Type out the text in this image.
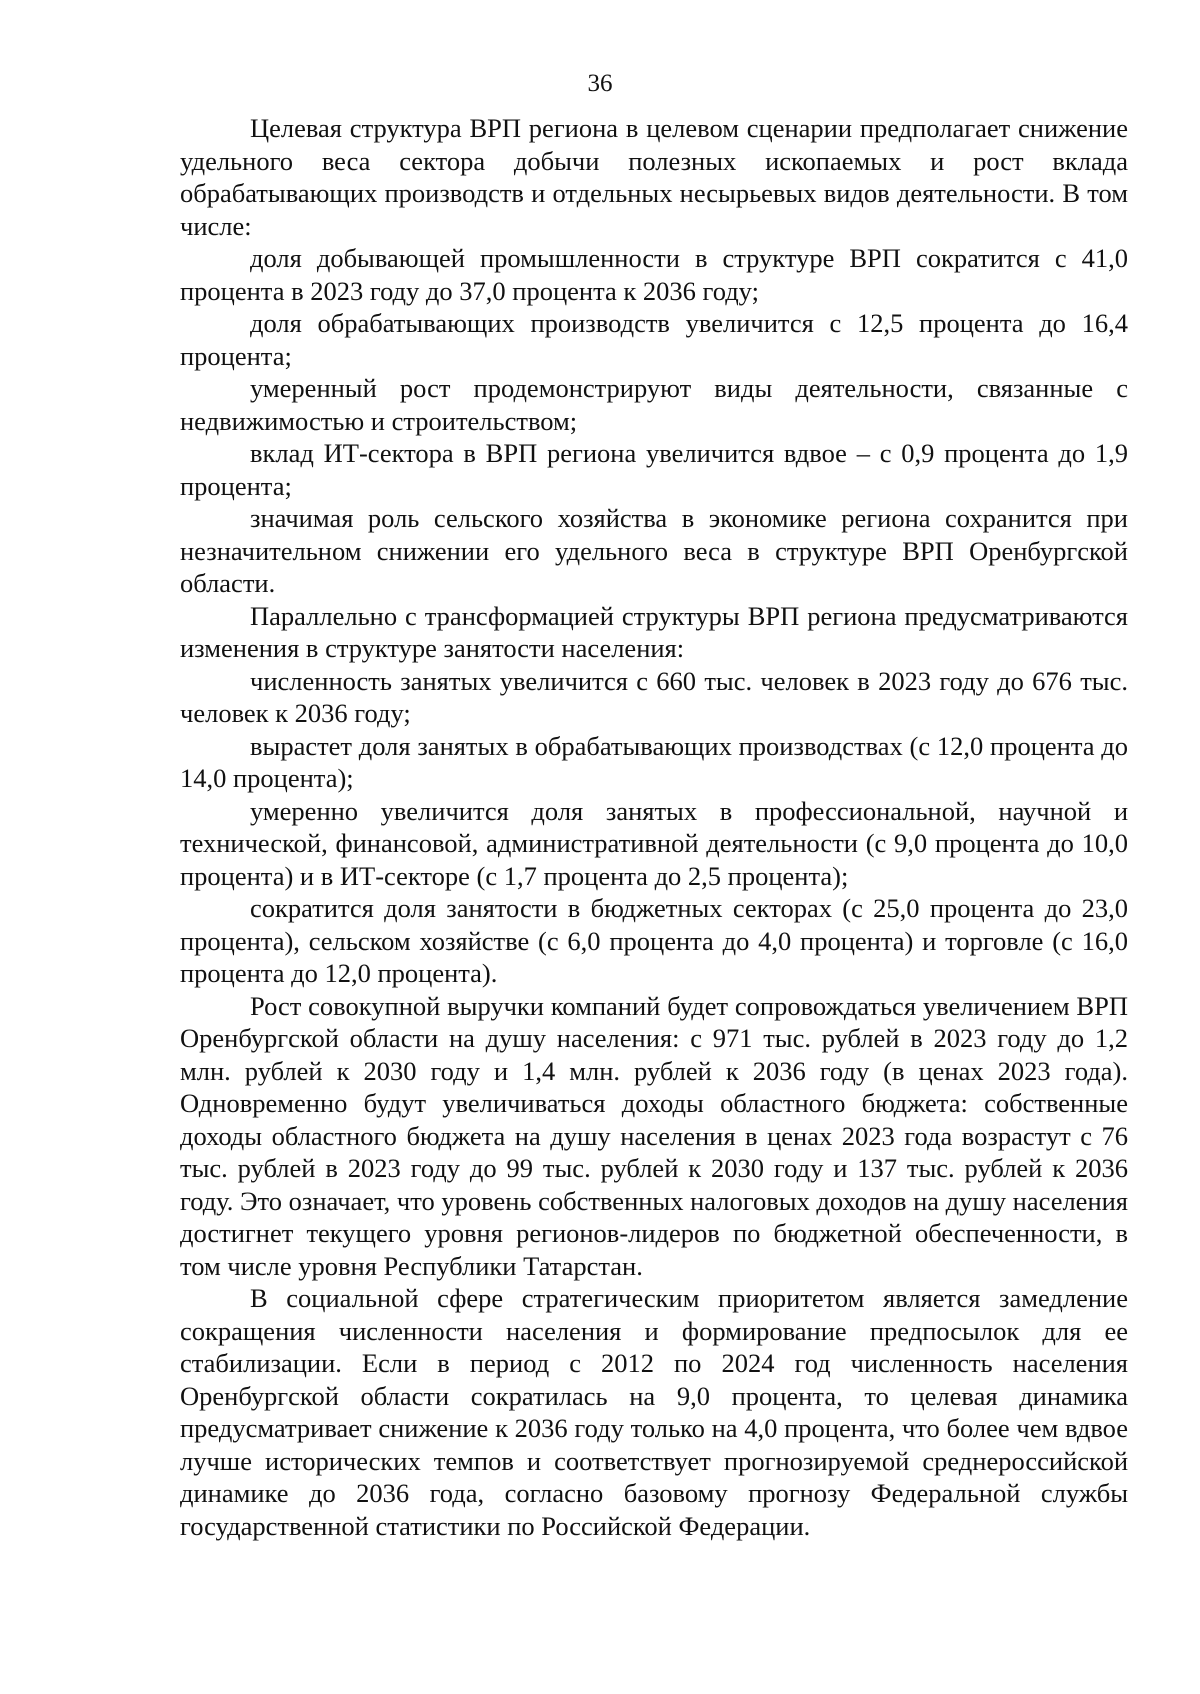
36

Целевая структура ВРП региона в целевом сценарии предполагает снижение удельного веса сектора добычи полезных ископаемых и рост вклада обрабатывающих производств и отдельных несырьевых видов деятельности. В том числе:

доля добывающей промышленности в структуре ВРП сократится с 41,0 процента в 2023 году до 37,0 процента к 2036 году;

доля обрабатывающих производств увеличится с 12,5 процента до 16,4 процента;

умеренный рост продемонстрируют виды деятельности, связанные с недвижимостью и строительством;

вклад ИТ-сектора в ВРП региона увеличится вдвое – с 0,9 процента до 1,9 процента;

значимая роль сельского хозяйства в экономике региона сохранится при незначительном снижении его удельного веса в структуре ВРП Оренбургской области.

Параллельно с трансформацией структуры ВРП региона предусматриваются изменения в структуре занятости населения:

численность занятых увеличится с 660 тыс. человек в 2023 году до 676 тыс. человек к 2036 году;

вырастет доля занятых в обрабатывающих производствах (с 12,0 процента до 14,0 процента);

умеренно увеличится доля занятых в профессиональной, научной и технической, финансовой, административной деятельности (с 9,0 процента до 10,0 процента) и в ИТ-секторе (с 1,7 процента до 2,5 процента);

сократится доля занятости в бюджетных секторах (с 25,0 процента до 23,0 процента), сельском хозяйстве (с 6,0 процента до 4,0 процента) и торговле (с 16,0 процента до 12,0 процента).

Рост совокупной выручки компаний будет сопровождаться увеличением ВРП Оренбургской области на душу населения: с 971 тыс. рублей в 2023 году до 1,2 млн. рублей к 2030 году и 1,4 млн. рублей к 2036 году (в ценах 2023 года). Одновременно будут увеличиваться доходы областного бюджета: собственные доходы областного бюджета на душу населения в ценах 2023 года возрастут с 76 тыс. рублей в 2023 году до 99 тыс. рублей к 2030 году и 137 тыс. рублей к 2036 году. Это означает, что уровень собственных налоговых доходов на душу населения достигнет текущего уровня регионов-лидеров по бюджетной обеспеченности, в том числе уровня Республики Татарстан.

В социальной сфере стратегическим приоритетом является замедление сокращения численности населения и формирование предпосылок для ее стабилизации. Если в период с 2012 по 2024 год численность населения Оренбургской области сократилась на 9,0 процента, то целевая динамика предусматривает снижение к 2036 году только на 4,0 процента, что более чем вдвое лучше исторических темпов и соответствует прогнозируемой среднероссийской динамике до 2036 года, согласно базовому прогнозу Федеральной службы государственной статистики по Российской Федерации.
